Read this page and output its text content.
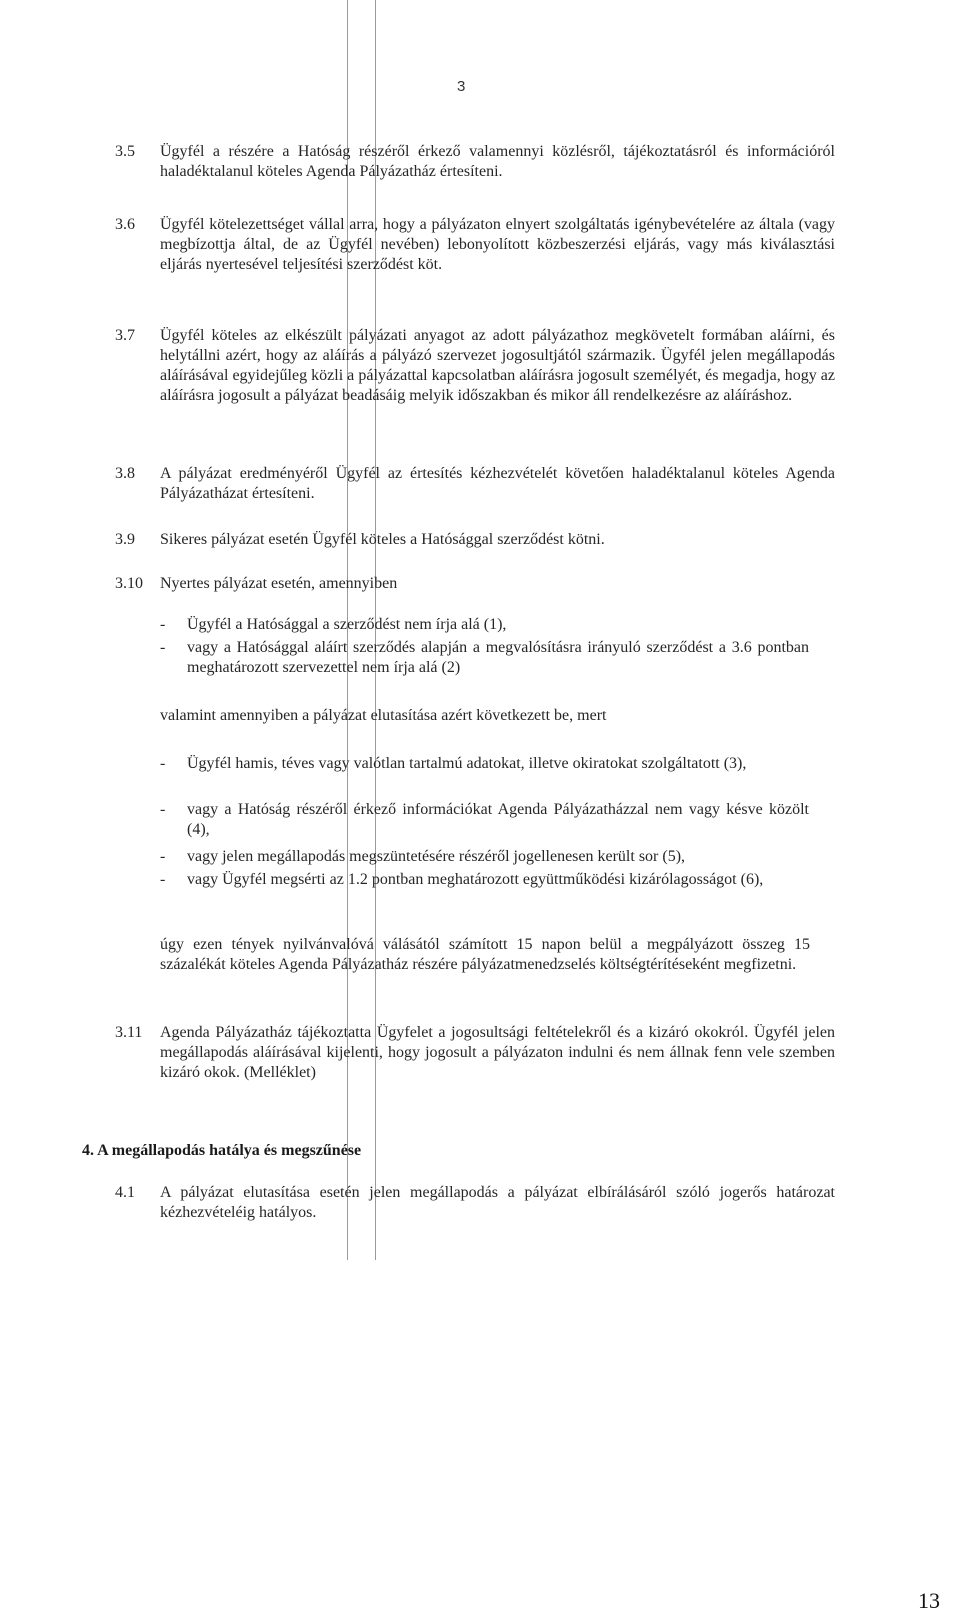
3
3.5 Ügyfél a részére a Hatóság részéről érkező valamennyi közlésről, tájékoztatásról és információról haladéktalanul köteles Agenda Pályázatház értesíteni.
3.6 Ügyfél kötelezettséget vállal arra, hogy a pályázaton elnyert szolgáltatás igénybevételére az általa (vagy megbízottja által, de az Ügyfél nevében) lebonyolított közbeszerzési eljárás, vagy más kiválasztási eljárás nyertesével teljesítési szerződést köt.
3.7 Ügyfél köteles az elkészült pályázati anyagot az adott pályázathoz megkövetelt formában aláírni, és helytállni azért, hogy az aláírás a pályázó szervezet jogosultjától származik. Ügyfél jelen megállapodás aláírásával egyidejűleg közli a pályázattal kapcsolatban aláírásra jogosult személyét, és megadja, hogy az aláírásra jogosult a pályázat beadásáig melyik időszakban és mikor áll rendelkezésre az aláíráshoz.
3.8 A pályázat eredményéről Ügyfél az értesítés kézhezvételét követően haladéktalanul köteles Agenda Pályázatházat értesíteni.
3.9 Sikeres pályázat esetén Ügyfél köteles a Hatósággal szerződést kötni.
3.10 Nyertes pályázat esetén, amennyiben
- Ügyfél a Hatósággal a szerződést nem írja alá (1),
- vagy a Hatósággal aláírt szerződés alapján a megvalósításra irányuló szerződést a 3.6 pontban meghatározott szervezettel nem írja alá (2)
valamint amennyiben a pályázat elutasítása azért következett be, mert
- Ügyfél hamis, téves vagy valótlan tartalmú adatokat, illetve okiratokat szolgáltatott (3),
- vagy a Hatóság részéről érkező információkat Agenda Pályázatházzal nem vagy késve közölt (4),
- vagy jelen megállapodás megszüntetésére részéről jogellenesen került sor (5),
- vagy Ügyfél megsérti az 1.2 pontban meghatározott együttműködési kizárólagosságot (6),
úgy ezen tények nyilvánvalóvá válásától számított 15 napon belül a megpályázott összeg 15 százalékát köteles Agenda Pályázatház részére pályázatmenedzselés költségtérítéseként megfizetni.
3.11 Agenda Pályázatház tájékoztatta Ügyfelet a jogosultsági feltételekről és a kizáró okokról. Ügyfél jelen megállapodás aláírásával kijelenti, hogy jogosult a pályázaton indulni és nem állnak fenn vele szemben kizáró okok. (Melléklet)
4. A megállapodás hatálya és megszűnése
4.1 A pályázat elutasítása esetén jelen megállapodás a pályázat elbírálásáról szóló jogerős határozat kézhezvételéig hatályos.
13
